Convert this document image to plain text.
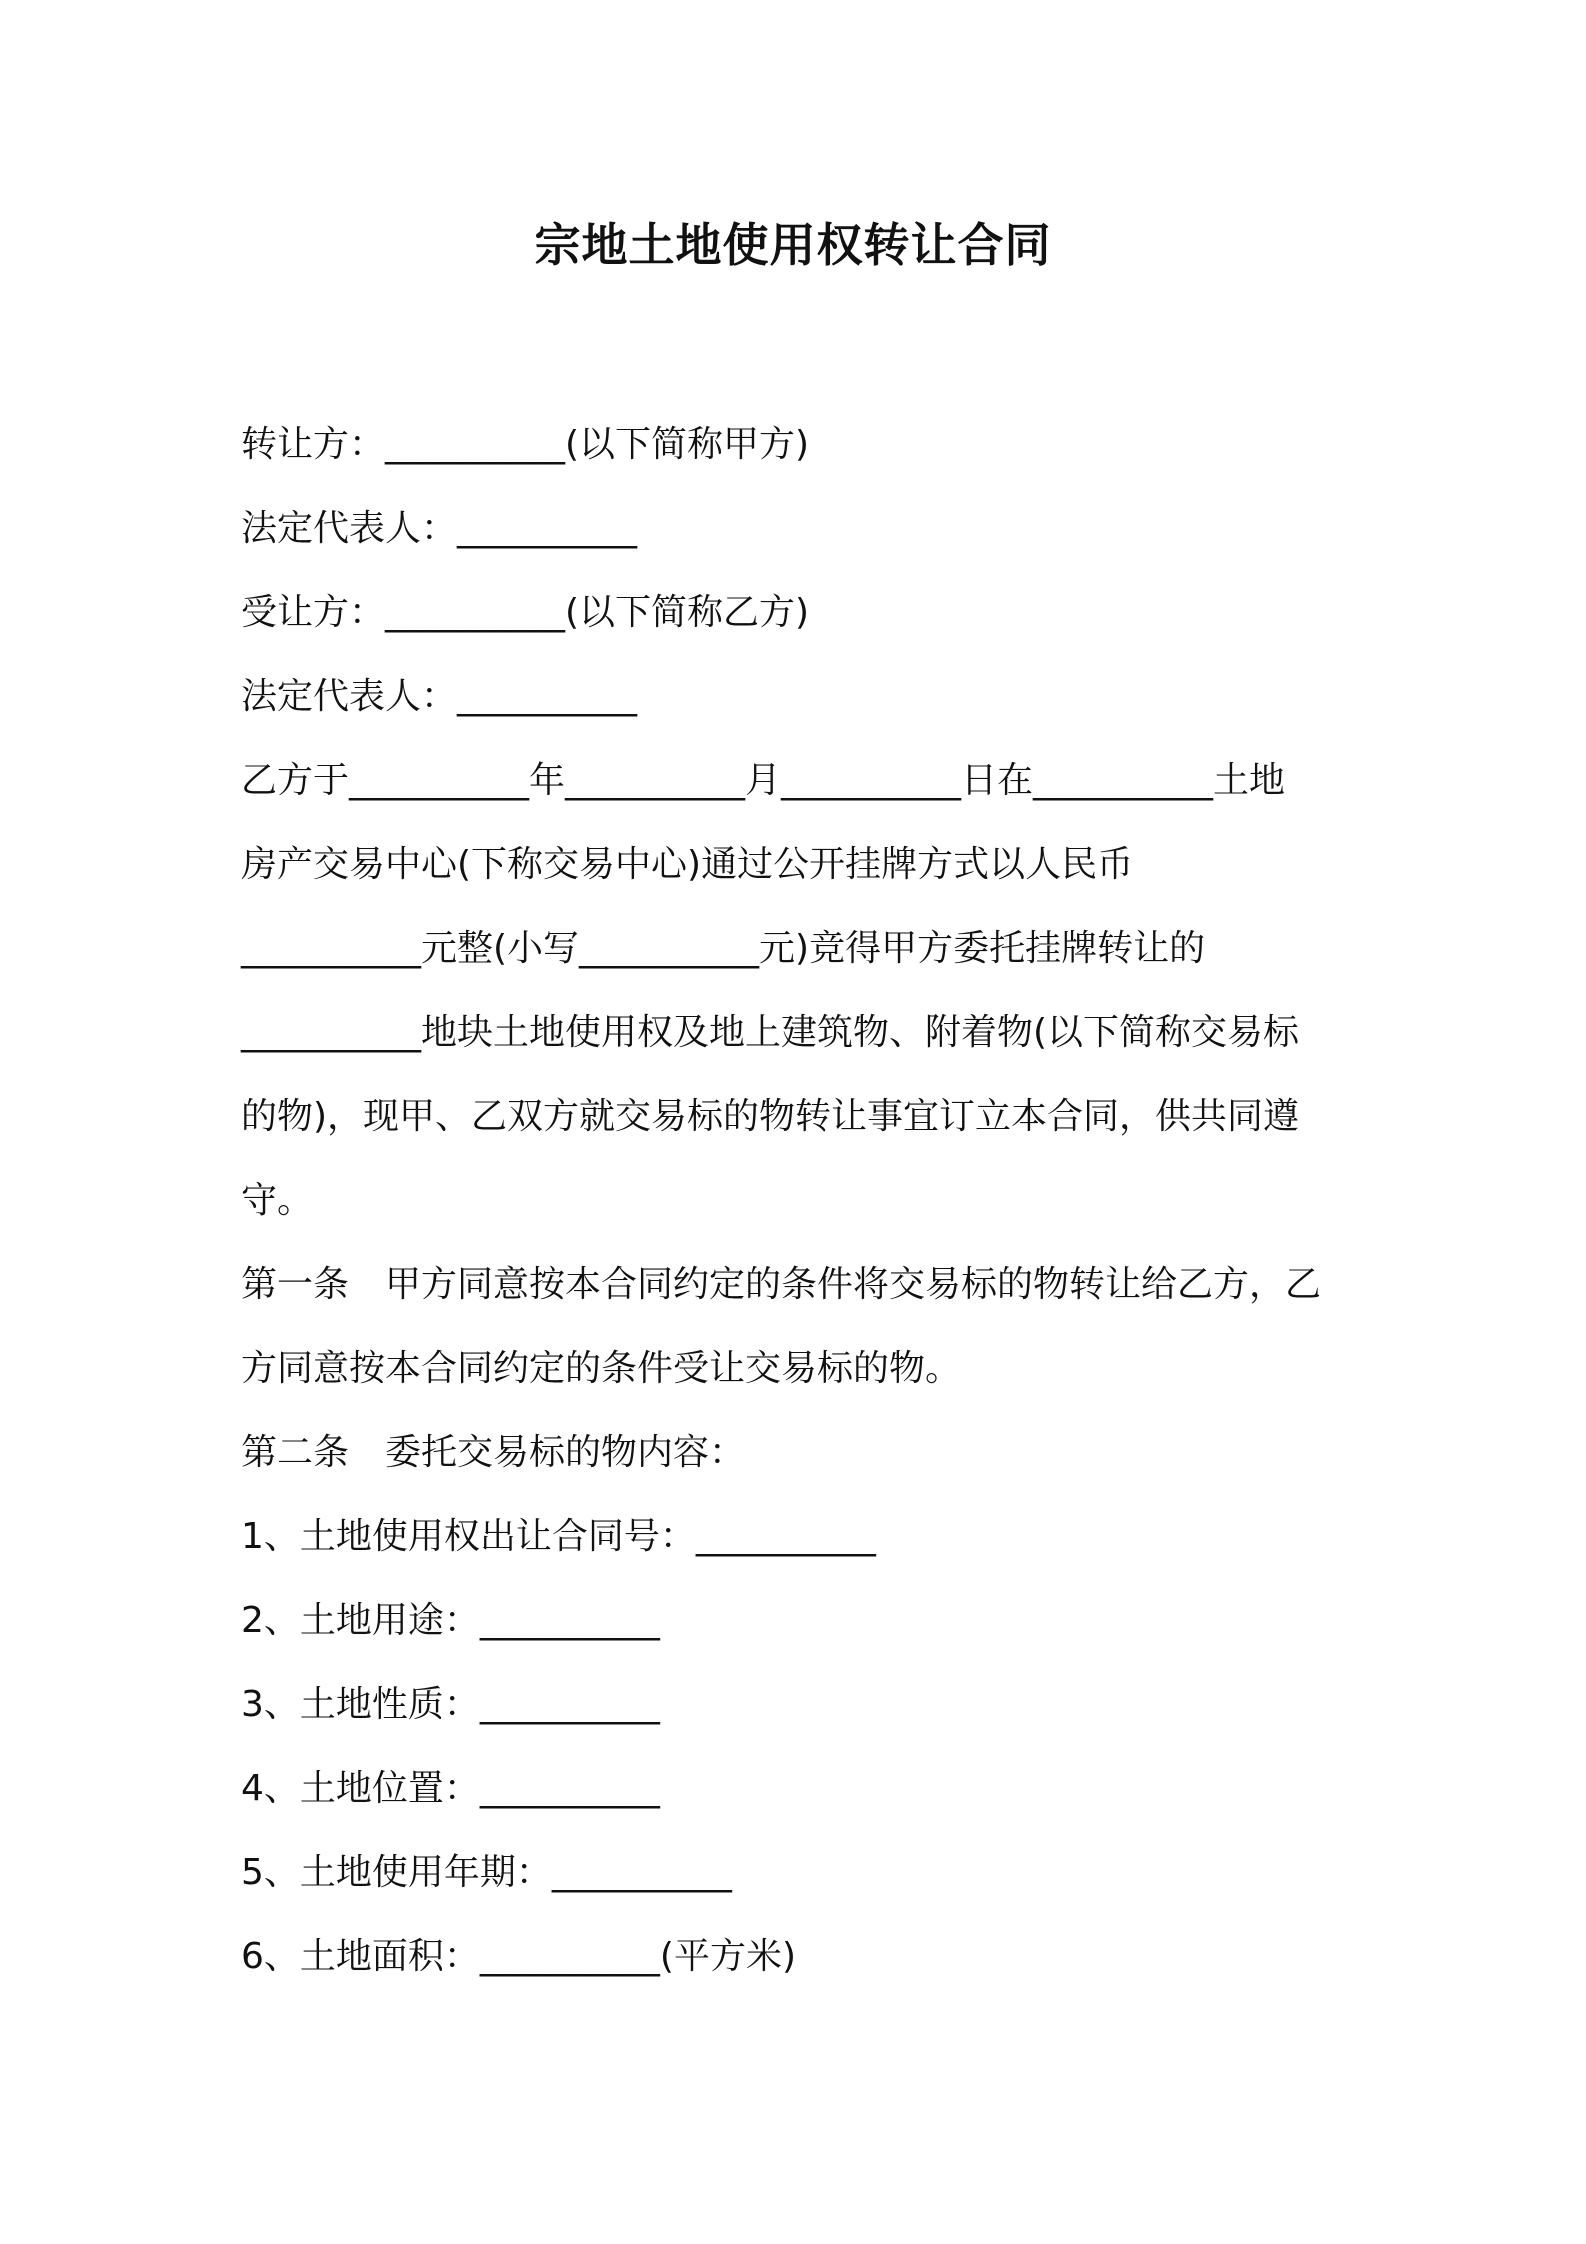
宗地土地使用权转让合同
转让方：__________(以下简称甲方)
法定代表人：__________
受让方：__________(以下简称乙方)
法定代表人：__________
乙方于__________年__________月__________日在__________土地
房产交易中心(下称交易中心)通过公开挂牌方式以人民币
__________元整(小写__________元)竞得甲方委托挂牌转让的
__________地块土地使用权及地上建筑物、附着物(以下简称交易标
的物)，现甲、乙双方就交易标的物转让事宜订立本合同，供共同遵
守。
第一条　甲方同意按本合同约定的条件将交易标的物转让给乙方，乙
方同意按本合同约定的条件受让交易标的物。
第二条　委托交易标的物内容：
1、土地使用权出让合同号：__________
2、土地用途：__________
3、土地性质：__________
4、土地位置：__________
5、土地使用年期：__________
6、土地面积：__________(平方米)
